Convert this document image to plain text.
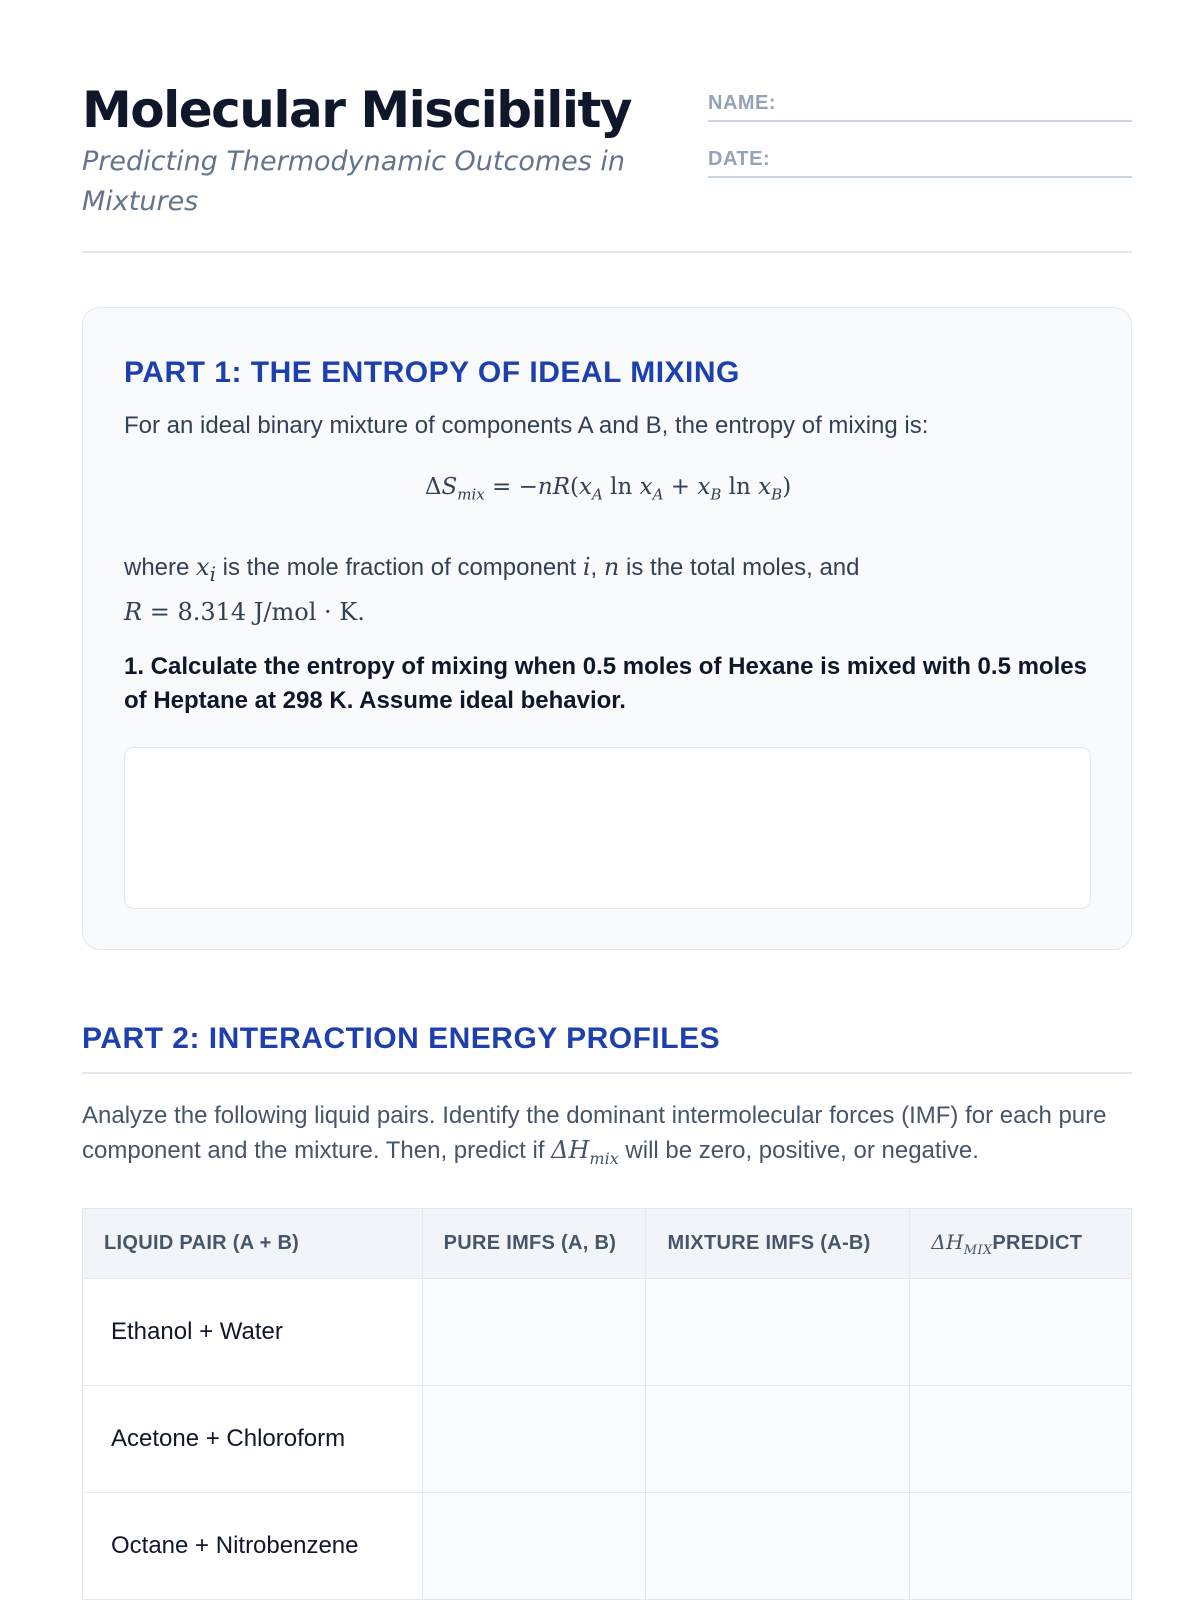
Molecular Miscibility
Predicting Thermodynamic Outcomes in Mixtures
NAME:
DATE:
PART 1: THE ENTROPY OF IDEAL MIXING
For an ideal binary mixture of components A and B, the entropy of mixing is:
$\Delta S_{mix} = -nR(x_A$ $\ln x_A + x_B$ $\ln x_B$)
where $x_i$ is the mole fraction of component i, n is the total moles, and
R = 8.314 J/mol · K.
1. Calculate the entropy of mixing when 0.5 moles of Hexane is mixed with 0.5 moles of Heptane at 298 K. Assume ideal behavior.
PART 2: INTERACTION ENERGY PROFILES
Analyze the following liquid pairs. Identify the dominant intermolecular forces (IMF) for each pure component and the mixture. Then, predict if $\Delta H_{mix}$ will be zero, positive, or negative.
LIQUID PAIR (A + B)	PURE IMFS (A, B)	MIXTURE IMFS (A-B)	$\Delta H_{MIX}PREDICT$
Ethanol + Water			
Acetone + Chloroform			
Octane + Nitrobenzene			
